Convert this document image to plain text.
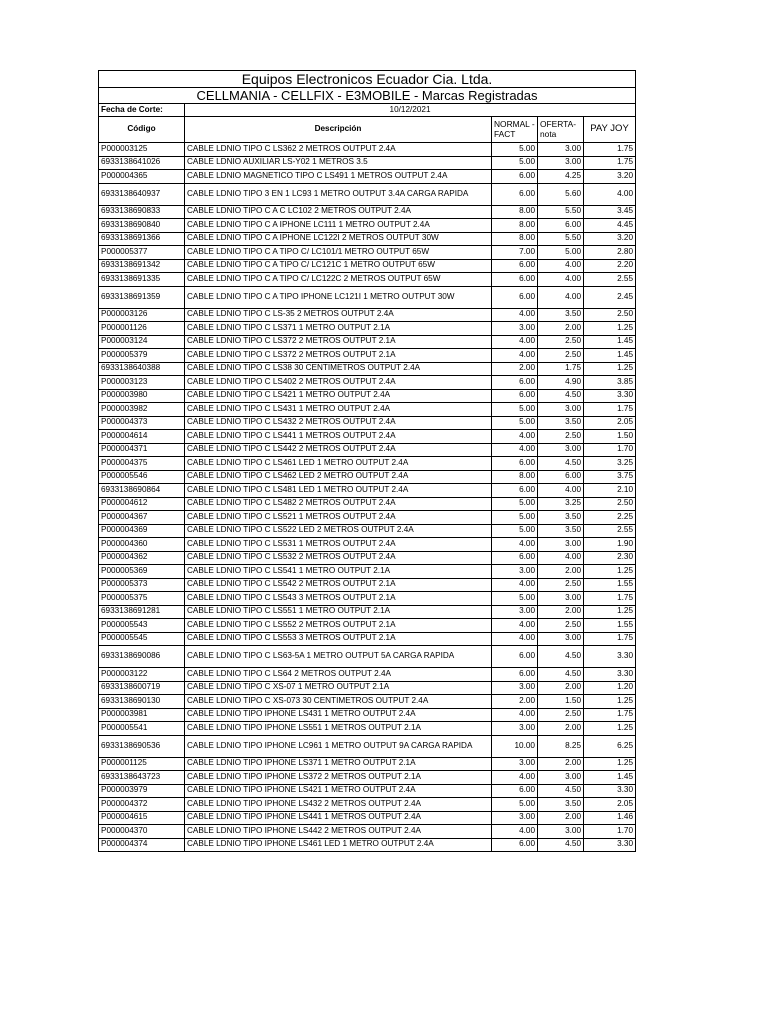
Equipos Electronicos Ecuador Cia. Ltda.				
CELLMANIA - CELLFIX - E3MOBILE - Marcas Registradas				
Fecha de Corte:	10/12/2021			
Código	Descripción	NORMAL -FACT	OFERTA- nota	PAY JOY
P000003125	CABLE LDNIO TIPO C LS362 2 METROS OUTPUT 2.4A	5.00	3.00	1.75
6933138641026	CABLE LDNIO AUXILIAR LS-Y02 1 METROS 3.5	5.00	3.00	1.75
P000004365	CABLE LDNIO MAGNETICO TIPO C LS491 1 METROS OUTPUT 2.4A	6.00	4.25	3.20
6933138640937	CABLE LDNIO TIPO 3 EN 1 LC93 1 METRO OUTPUT 3.4A CARGA RAPIDA	6.00	5.60	4.00
6933138690833	CABLE LDNIO TIPO C A C LC102 2 METROS OUTPUT 2.4A	8.00	5.50	3.45
6933138690840	CABLE LDNIO TIPO C A IPHONE LC111 1 METRO OUTPUT 2.4A	8.00	6.00	4.45
6933138691366	CABLE LDNIO TIPO C A IPHONE LC122I 2 METROS OUTPUT 30W	8.00	5.50	3.20
P000005377	CABLE LDNIO TIPO C A TIPO C/ LC101/1 METRO OUTPUT 65W	7.00	5.00	2.80
6933138691342	CABLE LDNIO TIPO C A TIPO C/ LC121C 1 METRO OUTPUT 65W	6.00	4.00	2.20
6933138691335	CABLE LDNIO TIPO C A TIPO C/ LC122C 2 METROS OUTPUT 65W	6.00	4.00	2.55
6933138691359	CABLE LDNIO TIPO C A TIPO IPHONE LC121I 1 METRO OUTPUT 30W	6.00	4.00	2.45
P000003126	CABLE LDNIO TIPO C LS-35 2 METROS OUTPUT 2.4A	4.00	3.50	2.50
P000001126	CABLE LDNIO TIPO C LS371 1 METRO OUTPUT 2.1A	3.00	2.00	1.25
P000003124	CABLE LDNIO TIPO C LS372 2 METROS OUTPUT 2.1A	4.00	2.50	1.45
P000005379	CABLE LDNIO TIPO C LS372 2 METROS OUTPUT 2.1A	4.00	2.50	1.45
6933138640388	CABLE LDNIO TIPO C LS38 30 CENTIMETROS OUTPUT 2.4A	2.00	1.75	1.25
P000003123	CABLE LDNIO TIPO C LS402 2 METROS OUTPUT 2.4A	6.00	4.90	3.85
P000003980	CABLE LDNIO TIPO C LS421 1 METRO OUTPUT 2.4A	6.00	4.50	3.30
P000003982	CABLE LDNIO TIPO C LS431 1 METRO OUTPUT 2.4A	5.00	3.00	1.75
P000004373	CABLE LDNIO TIPO C LS432 2 METROS OUTPUT 2.4A	5.00	3.50	2.05
P000004614	CABLE LDNIO TIPO C LS441 1 METROS OUTPUT 2.4A	4.00	2.50	1.50
P000004371	CABLE LDNIO TIPO C LS442 2 METROS OUTPUT 2.4A	4.00	3.00	1.70
P000004375	CABLE LDNIO TIPO C LS461 LED 1 METRO OUTPUT 2.4A	6.00	4.50	3.25
P000005546	CABLE LDNIO TIPO C LS462 LED 2 METRO OUTPUT 2.4A	8.00	6.00	3.75
6933138690864	CABLE LDNIO TIPO C LS481 LED 1 METRO OUTPUT 2.4A	6.00	4.00	2.10
P000004612	CABLE LDNIO TIPO C LS482 2 METROS OUTPUT 2.4A	5.00	3.25	2.50
P000004367	CABLE LDNIO TIPO C LS521 1 METROS OUTPUT 2.4A	5.00	3.50	2.25
P000004369	CABLE LDNIO TIPO C LS522 LED 2 METROS OUTPUT 2.4A	5.00	3.50	2.55
P000004360	CABLE LDNIO TIPO C LS531 1 METROS OUTPUT 2.4A	4.00	3.00	1.90
P000004362	CABLE LDNIO TIPO C LS532 2 METROS OUTPUT 2.4A	6.00	4.00	2.30
P000005369	CABLE LDNIO TIPO C LS541 1 METRO OUTPUT 2.1A	3.00	2.00	1.25
P000005373	CABLE LDNIO TIPO C LS542 2 METROS OUTPUT 2.1A	4.00	2.50	1.55
P000005375	CABLE LDNIO TIPO C LS543 3 METROS OUTPUT 2.1A	5.00	3.00	1.75
6933138691281	CABLE LDNIO TIPO C LS551 1 METRO OUTPUT 2.1A	3.00	2.00	1.25
P000005543	CABLE LDNIO TIPO C LS552 2 METROS OUTPUT 2.1A	4.00	2.50	1.55
P000005545	CABLE LDNIO TIPO C LS553 3 METROS OUTPUT 2.1A	4.00	3.00	1.75
6933138690086	CABLE LDNIO TIPO C LS63-5A 1 METRO OUTPUT 5A CARGA RAPIDA	6.00	4.50	3.30
P000003122	CABLE LDNIO TIPO C LS64 2 METROS OUTPUT 2.4A	6.00	4.50	3.30
6933138600719	CABLE LDNIO TIPO C XS-07 1 METRO OUTPUT 2.1A	3.00	2.00	1.20
6933138690130	CABLE LDNIO TIPO C XS-073 30 CENTIMETROS OUTPUT 2.4A	2.00	1.50	1.25
P000003981	CABLE LDNIO TIPO IPHONE LS431 1 METRO OUTPUT 2.4A	4.00	2.50	1.75
P000005541	CABLE LDNIO TIPO IPHONE LS551 1 METROS OUTPUT 2.1A	3.00	2.00	1.25
6933138690536	CABLE LDNIO TIPO IPHONE LC961 1 METRO OUTPUT 9A CARGA RAPIDA	10.00	8.25	6.25
P000001125	CABLE LDNIO TIPO IPHONE LS371 1 METRO OUTPUT 2.1A	3.00	2.00	1.25
6933138643723	CABLE LDNIO TIPO IPHONE LS372 2 METROS OUTPUT 2.1A	4.00	3.00	1.45
P000003979	CABLE LDNIO TIPO IPHONE LS421 1 METRO OUTPUT 2.4A	6.00	4.50	3.30
P000004372	CABLE LDNIO TIPO IPHONE LS432 2 METROS OUTPUT 2.4A	5.00	3.50	2.05
P000004615	CABLE LDNIO TIPO IPHONE LS441 1 METROS OUTPUT 2.4A	3.00	2.00	1.46
P000004370	CABLE LDNIO TIPO IPHONE LS442 2 METROS OUTPUT 2.4A	4.00	3.00	1.70
P000004374	CABLE LDNIO TIPO IPHONE LS461 LED 1 METRO OUTPUT 2.4A	6.00	4.50	3.30
